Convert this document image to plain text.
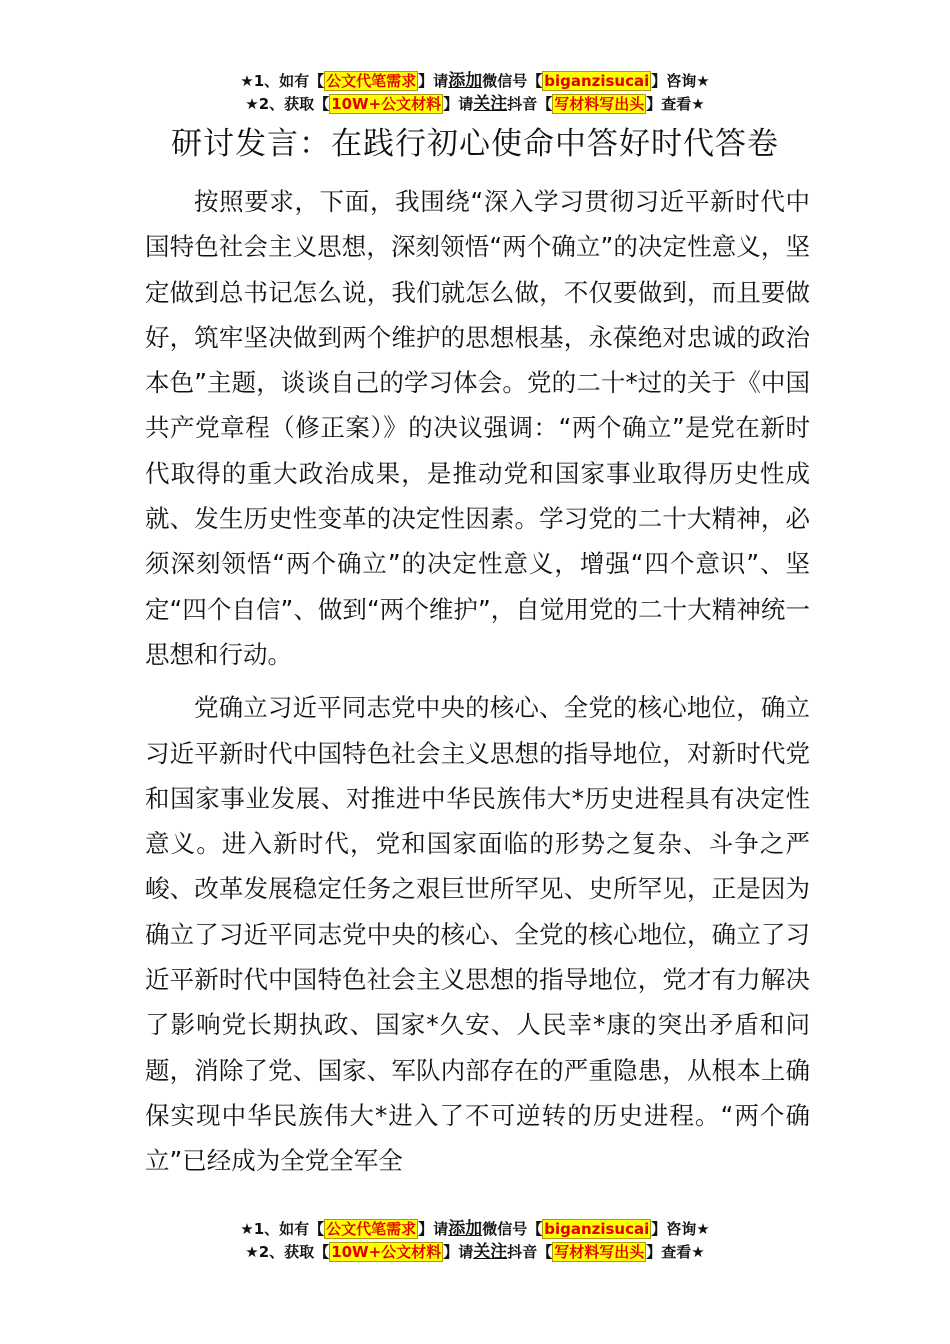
★1、如有【 公文代笔需求 】请添加微信号【 biganzisucai 】咨询★
★2、获取【 10W+公文材料 】请关注抖音【 写材料写出头 】查看★
研讨发言：在践行初心使命中答好时代答卷

按照要求，下面，我围绕“深入学习贯彻习近平新时代中国特色社会主义思想，深刻领悟“两个确立”的决定性意义，坚定做到总书记怎么说，我们就怎么做，不仅要做到，而且要做好，筑牢坚决做到两个维护的思想根基，永葆绝对忠诚的政治本色”主题，谈谈自己的学习体会。党的二十*过的关于《中国共产党章程（修正案）》的决议强调：“两个确立”是党在新时代取得的重大政治成果，是推动党和国家事业取得历史性成就、发生历史性变革的决定性因素。学习党的二十大精神，必须深刻领悟“两个确立”的决定性意义，增强“四个意识”、坚定“四个自信”、做到“两个维护”，自觉用党的二十大精神统一思想和行动。

党确立习近平同志党中央的核心、全党的核心地位，确立习近平新时代中国特色社会主义思想的指导地位，对新时代党和国家事业发展、对推进中华民族伟大*历史进程具有决定性意义。进入新时代，党和国家面临的形势之复杂、斗争之严峻、改革发展稳定任务之艰巨世所罕见、史所罕见，正是因为确立了习近平同志党中央的核心、全党的核心地位，确立了习近平新时代中国特色社会主义思想的指导地位，党才有力解决了影响党长期执政、国家*久安、人民幸*康的突出矛盾和问题，消除了党、国家、军队内部存在的严重隐患，从根本上确保实现中华民族伟大*进入了不可逆转的历史进程。“两个确立”已经成为全党全军全

★1、如有【 公文代笔需求 】请添加微信号【 biganzisucai 】咨询★
★2、获取【 10W+公文材料 】请关注抖音【 写材料写出头 】查看★
